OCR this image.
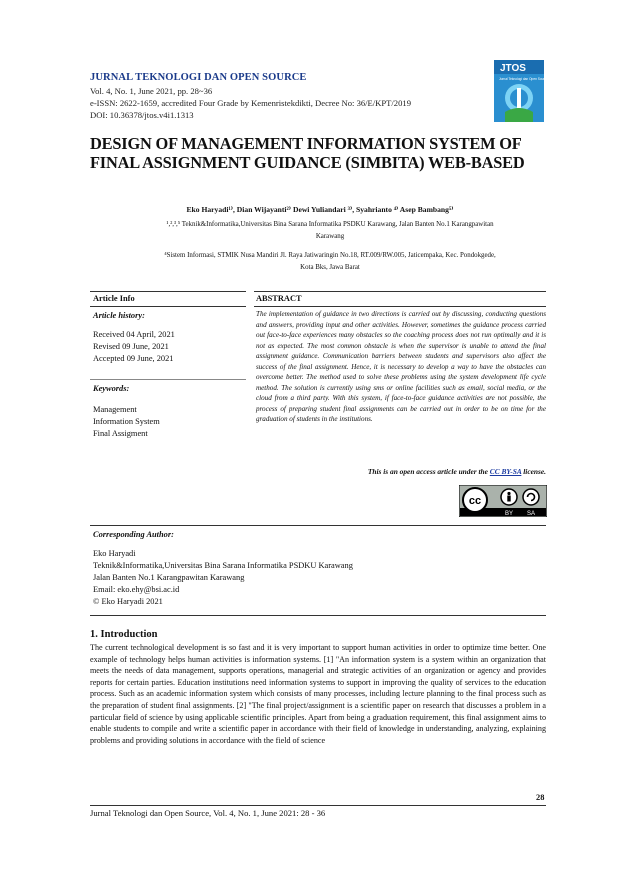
JURNAL TEKNOLOGI DAN OPEN SOURCE
Vol. 4, No. 1, June 2021, pp. 28~36
e-ISSN: 2622-1659, accredited Four Grade by Kemenristekdikti, Decree No: 36/E/KPT/2019
DOI: 10.36378/jtos.v4i1.1313
JTOS
Jurnal Teknologi dan Open Source
DESIGN OF MANAGEMENT INFORMATION SYSTEM OF
FINAL ASSIGNMENT GUIDANCE (SIMBITA) WEB-BASED
Eko Haryadi¹⁾, Dian Wijayanti²⁾ Dewi Yuliandari ³⁾, Syahrianto ⁴⁾ Asep Bambang⁵⁾
¹,²,³,⁵ Teknik&Informatika,Universitas Bina Sarana Informatika PSDKU Karawang, Jalan Banten No.1 Karangpawitan
Karawang
⁴Sistem Informasi, STMIK Nusa Mandiri Jl. Raya Jatiwaringin No.18, RT.009/RW.005, Jaticempaka, Kec. Pondokgede,
Kota Bks, Jawa Barat
Article Info	ABSTRACT
Article history:
Received 04 April, 2021
Revised 09 June, 2021
Accepted 09 June, 2021
Keywords:
Management
Information System
Final Assigment
The implementation of guidance in two directions is carried out by discussing, conducting questions and answers, providing input and other activities. However, sometimes the guidance process carried out face-to-face experiences many obstacles so the coaching process does not run optimally and it is not as expected. The most common obstacle is when the supervisor is unable to attend the final assignment guidance. Communication barriers between students and supervisors also affect the success of the final assignment. Hence, it is necessary to develop a way to have the obstacles can overcome better. The method used to solve these problems using the system development life cycle method. The solution is currently using sms or online facilities such as email, social media, or the cloud from a third party. With this system, if face-to-face guidance activities are not possible, the process of preparing student final assignments can be carried out in order to be on time for the graduation of students in the institutions.
This is an open access article under the CC BY-SA license.
cc
BY SA
Corresponding Author:
Eko Haryadi
Teknik&Informatika,Universitas Bina Sarana Informatika PSDKU Karawang
Jalan Banten No.1 Karangpawitan Karawang
Email: eko.ehy@bsi.ac.id
© Eko Haryadi 2021
1. Introduction
The current technological development is so fast and it is very important to support human activities in order to optimize time better. One example of technology helps human activities is information systems. [1] "An information system is a system within an organization that meets the needs of data management, supports operations, managerial and strategic activities of an organization or agency and provides reports for certain parties. Education institutions need information systems to support in improving the quality of services to the education process. Such as an academic information system which consists of many processes, including lecture planning to the final process such as the preparation of student final assignments. [2] "The final project/assignment is a scientific paper on research that discusses a problem in a particular field of science by using applicable scientific principles. Apart from being a graduation requirement, this final assignment aims to enable students to compile and write a scientific paper in accordance with their field of knowledge in understanding, analyzing, explaining problems and providing solutions in accordance with the field of science
28
Jurnal Teknologi dan Open Source, Vol. 4, No. 1, June 2021: 28 - 36
